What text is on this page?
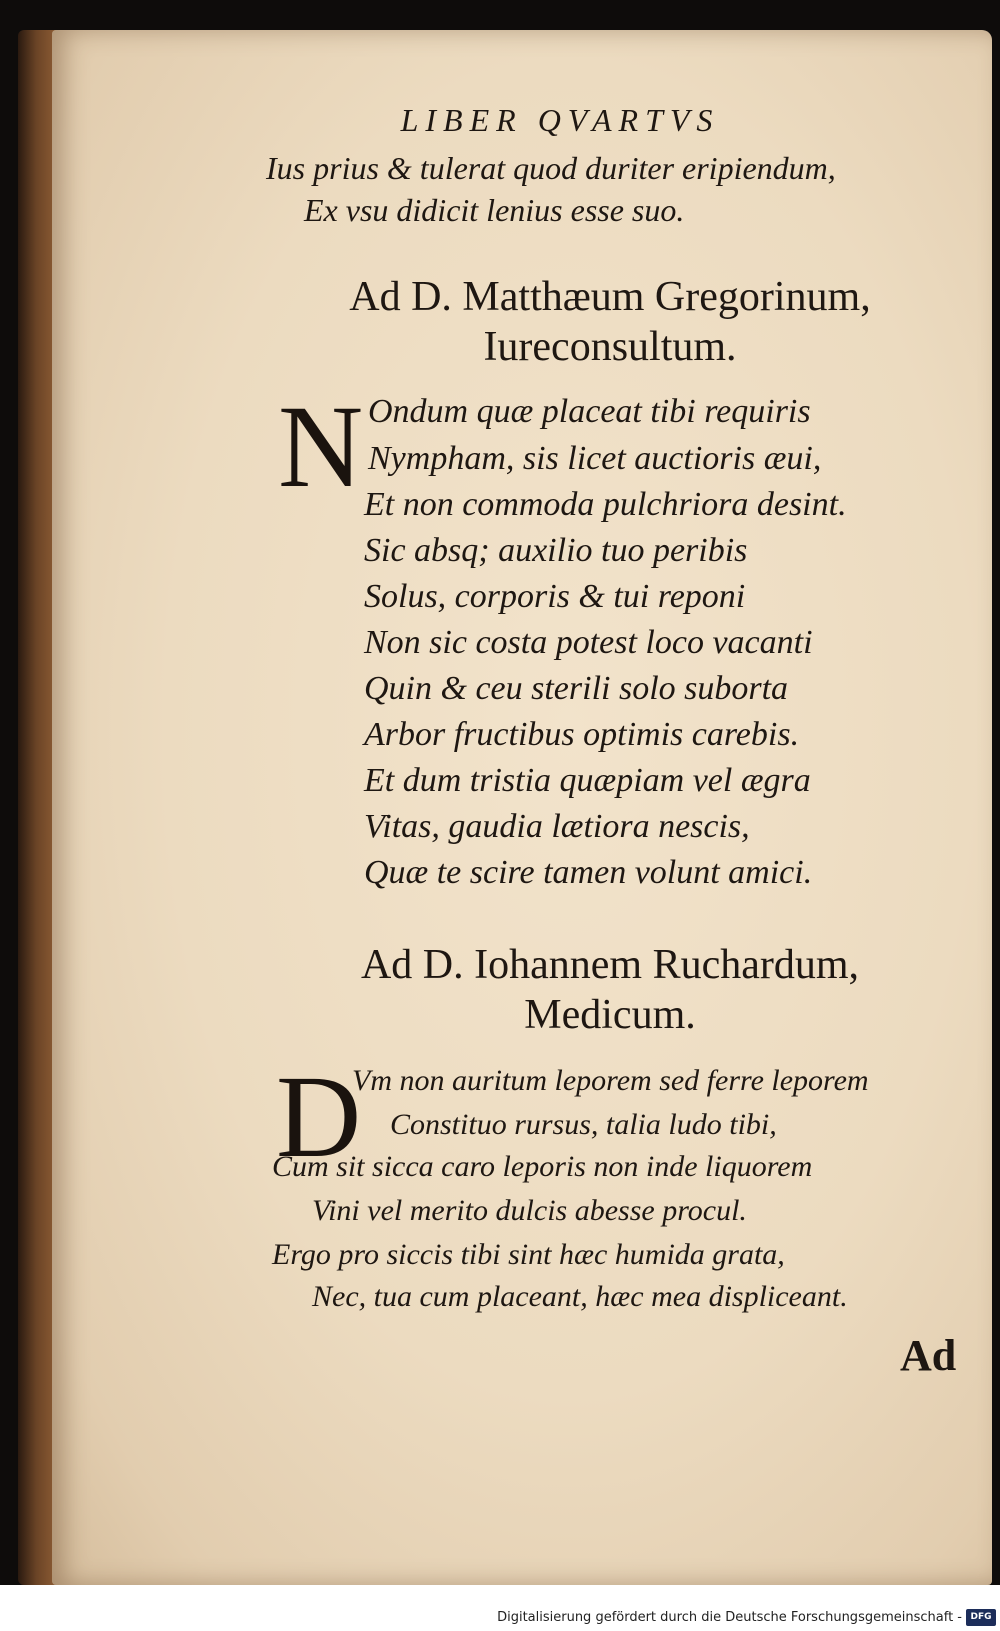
LIBER QVARTVS
Ius prius & tulerat quod duriter eripiendum,
Ex vsu didicit lenius esse suo.
Ad D. Matthæum Gregorinum,
Iureconsultum.
N Ondum quæ placeat tibi requiris
Nympham, sis licet auctioris æui,
Et non commoda pulchriora desint.
Sic absq; auxilio tuo peribis
Solus, corporis & tui reponi
Non sic costa potest loco vacanti
Quin & ceu sterili solo suborta
Arbor fructibus optimis carebis.
Et dum tristia quæpiam vel ægra
Vitas, gaudia lætiora nescis,
Quæ te scire tamen volunt amici.
Ad D. Iohannem Ruchardum,
Medicum.
D
Vm non auritum leporem sed ferre leporem
Constituo rursus, talia ludo tibi,
Cum sit sicca caro leporis non inde liquorem
Vini vel merito dulcis abesse procul.
Ergo pro siccis tibi sint hæc humida grata,
Nec, tua cum placeant, hæc mea displiceant.
Ad
Digitalisierung gefördert durch die Deutsche Forschungsgemeinschaft - DFG
